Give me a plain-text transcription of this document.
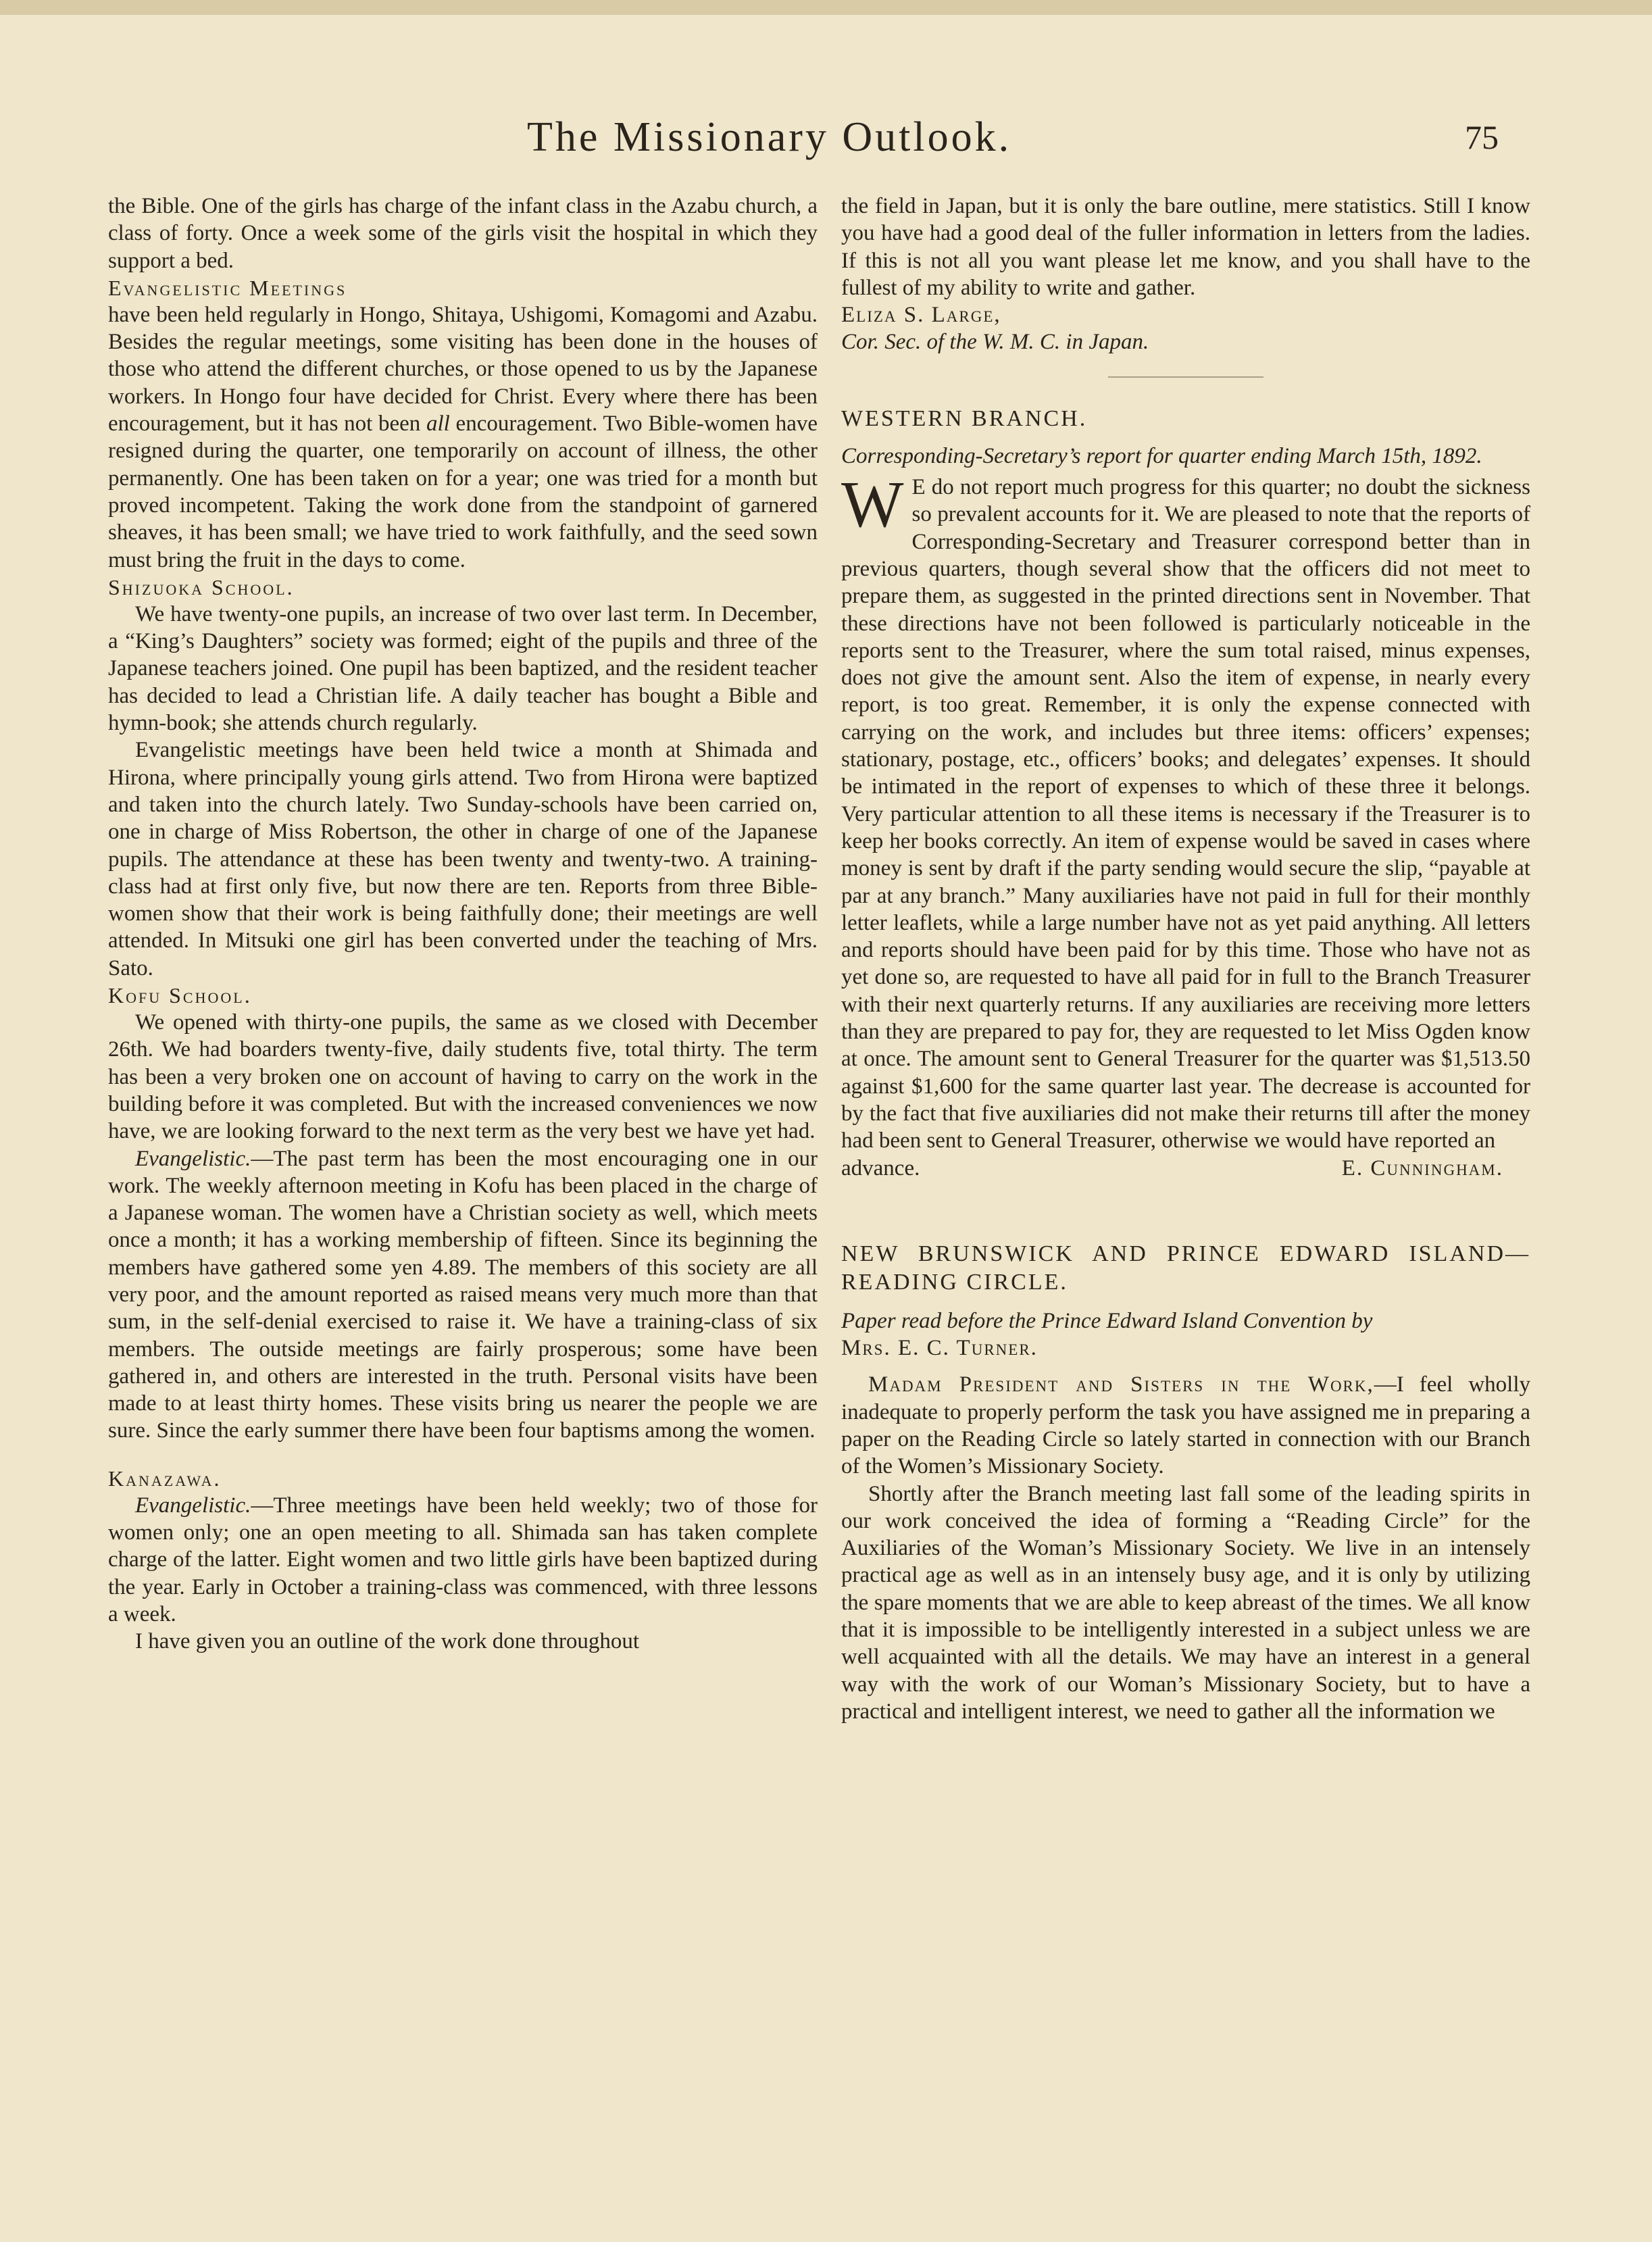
The Missionary Outlook.	75

the Bible. One of the girls has charge of the infant class in the Azabu church, a class of forty. Once a week some of the girls visit the hospital in which they support a bed.

Evangelistic Meetings

have been held regularly in Hongo, Shitaya, Ushigomi, Komagomi and Azabu. Besides the regular meetings, some visiting has been done in the houses of those who attend the different churches, or those opened to us by the Japanese workers. In Hongo four have decided for Christ. Every where there has been encouragement, but it has not been all encouragement. Two Bible-women have resigned during the quarter, one temporarily on account of illness, the other permanently. One has been taken on for a year; one was tried for a month but proved incompetent. Taking the work done from the standpoint of garnered sheaves, it has been small; we have tried to work faithfully, and the seed sown must bring the fruit in the days to come.

Shizuoka School.

We have twenty-one pupils, an increase of two over last term. In December, a “King’s Daughters” society was formed; eight of the pupils and three of the Japanese teachers joined. One pupil has been baptized, and the resident teacher has decided to lead a Christian life. A daily teacher has bought a Bible and hymn-book; she attends church regularly.

Evangelistic meetings have been held twice a month at Shimada and Hirona, where principally young girls attend. Two from Hirona were baptized and taken into the church lately. Two Sunday-schools have been carried on, one in charge of Miss Robertson, the other in charge of one of the Japanese pupils. The attendance at these has been twenty and twenty-two. A training-class had at first only five, but now there are ten. Reports from three Bible-women show that their work is being faithfully done; their meetings are well attended. In Mitsuki one girl has been converted under the teaching of Mrs. Sato.

Kofu School.

We opened with thirty-one pupils, the same as we closed with December 26th. We had boarders twenty-five, daily students five, total thirty. The term has been a very broken one on account of having to carry on the work in the building before it was completed. But with the increased conveniences we now have, we are looking forward to the next term as the very best we have yet had.

Evangelistic.—The past term has been the most encouraging one in our work. The weekly afternoon meeting in Kofu has been placed in the charge of a Japanese woman. The women have a Christian society as well, which meets once a month; it has a working membership of fifteen. Since its beginning the members have gathered some yen 4.89. The members of this society are all very poor, and the amount reported as raised means very much more than that sum, in the self-denial exercised to raise it. We have a training-class of six members. The outside meetings are fairly prosperous; some have been gathered in, and others are interested in the truth. Personal visits have been made to at least thirty homes. These visits bring us nearer the people we are sure. Since the early summer there have been four baptisms among the women.

Kanazawa.

Evangelistic.—Three meetings have been held weekly; two of those for women only; one an open meeting to all. Shimada san has taken complete charge of the latter. Eight women and two little girls have been baptized during the year. Early in October a training-class was commenced, with three lessons a week.

I have given you an outline of the work done throughout

the field in Japan, but it is only the bare outline, mere statistics. Still I know you have had a good deal of the fuller information in letters from the ladies. If this is not all you want please let me know, and you shall have to the fullest of my ability to write and gather.

Eliza S. Large,

Cor. Sec. of the W. M. C. in Japan.

WESTERN BRANCH.

Corresponding-Secretary’s report for quarter ending March 15th, 1892.

W E do not report much progress for this quarter; no doubt the sickness so prevalent accounts for it. We are pleased to note that the reports of Corresponding-Secretary and Treasurer correspond better than in previous quarters, though several show that the officers did not meet to prepare them, as suggested in the printed directions sent in November. That these directions have not been followed is particularly noticeable in the reports sent to the Treasurer, where the sum total raised, minus expenses, does not give the amount sent. Also the item of expense, in nearly every report, is too great. Remember, it is only the expense connected with carrying on the work, and includes but three items: officers’ expenses; stationary, postage, etc., officers’ books; and delegates’ expenses. It should be intimated in the report of expenses to which of these three it belongs. Very particular attention to all these items is necessary if the Treasurer is to keep her books correctly. An item of expense would be saved in cases where money is sent by draft if the party sending would secure the slip, “payable at par at any branch.” Many auxiliaries have not paid in full for their monthly letter leaflets, while a large number have not as yet paid anything. All letters and reports should have been paid for by this time. Those who have not as yet done so, are requested to have all paid for in full to the Branch Treasurer with their next quarterly returns. If any auxiliaries are receiving more letters than they are prepared to pay for, they are requested to let Miss Ogden know at once. The amount sent to General Treasurer for the quarter was $1,513.50 against $1,600 for the same quarter last year. The decrease is accounted for by the fact that five auxiliaries did not make their returns till after the money had been sent to General Treasurer, otherwise we would have reported an

advance.	E. Cunningham.

NEW BRUNSWICK AND PRINCE EDWARD ISLAND—READING CIRCLE.

Paper read before the Prince Edward Island Convention by

Mrs. E. C. Turner.

Madam President and Sisters in the Work,—I feel wholly inadequate to properly perform the task you have assigned me in preparing a paper on the Reading Circle so lately started in connection with our Branch of the Women’s Missionary Society.

Shortly after the Branch meeting last fall some of the leading spirits in our work conceived the idea of forming a “Reading Circle” for the Auxiliaries of the Woman’s Missionary Society. We live in an intensely practical age as well as in an intensely busy age, and it is only by utilizing the spare moments that we are able to keep abreast of the times. We all know that it is impossible to be intelligently interested in a subject unless we are well acquainted with all the details. We may have an interest in a general way with the work of our Woman’s Missionary Society, but to have a practical and intelligent interest, we need to gather all the information we
